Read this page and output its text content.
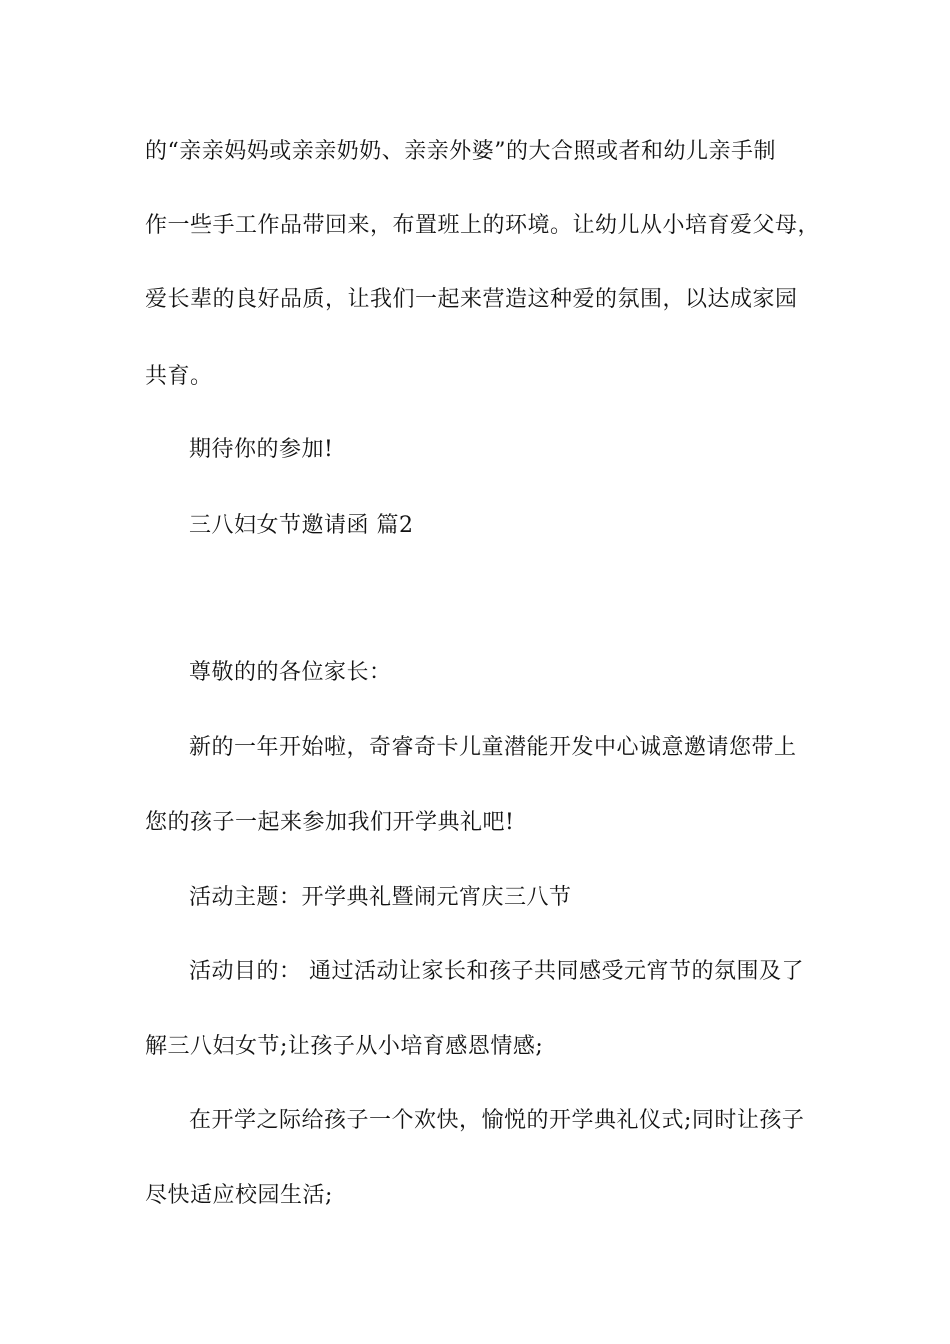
的“亲亲妈妈或亲亲奶奶、亲亲外婆”的大合照或者和幼儿亲手制
作一些手工作品带回来，布置班上的环境。让幼儿从小培育爱父母，
爱长辈的良好品质，让我们一起来营造这种爱的氛围，以达成家园
共育。
期待你的参加!
三八妇女节邀请函 篇2
尊敬的的各位家长：
新的一年开始啦，奇睿奇卡儿童潜能开发中心诚意邀请您带上
您的孩子一起来参加我们开学典礼吧!
活动主题：开学典礼暨闹元宵庆三八节
活动目的： 通过活动让家长和孩子共同感受元宵节的氛围及了
解三八妇女节;让孩子从小培育感恩情感;
在开学之际给孩子一个欢快，愉悦的开学典礼仪式;同时让孩子
尽快适应校园生活;
